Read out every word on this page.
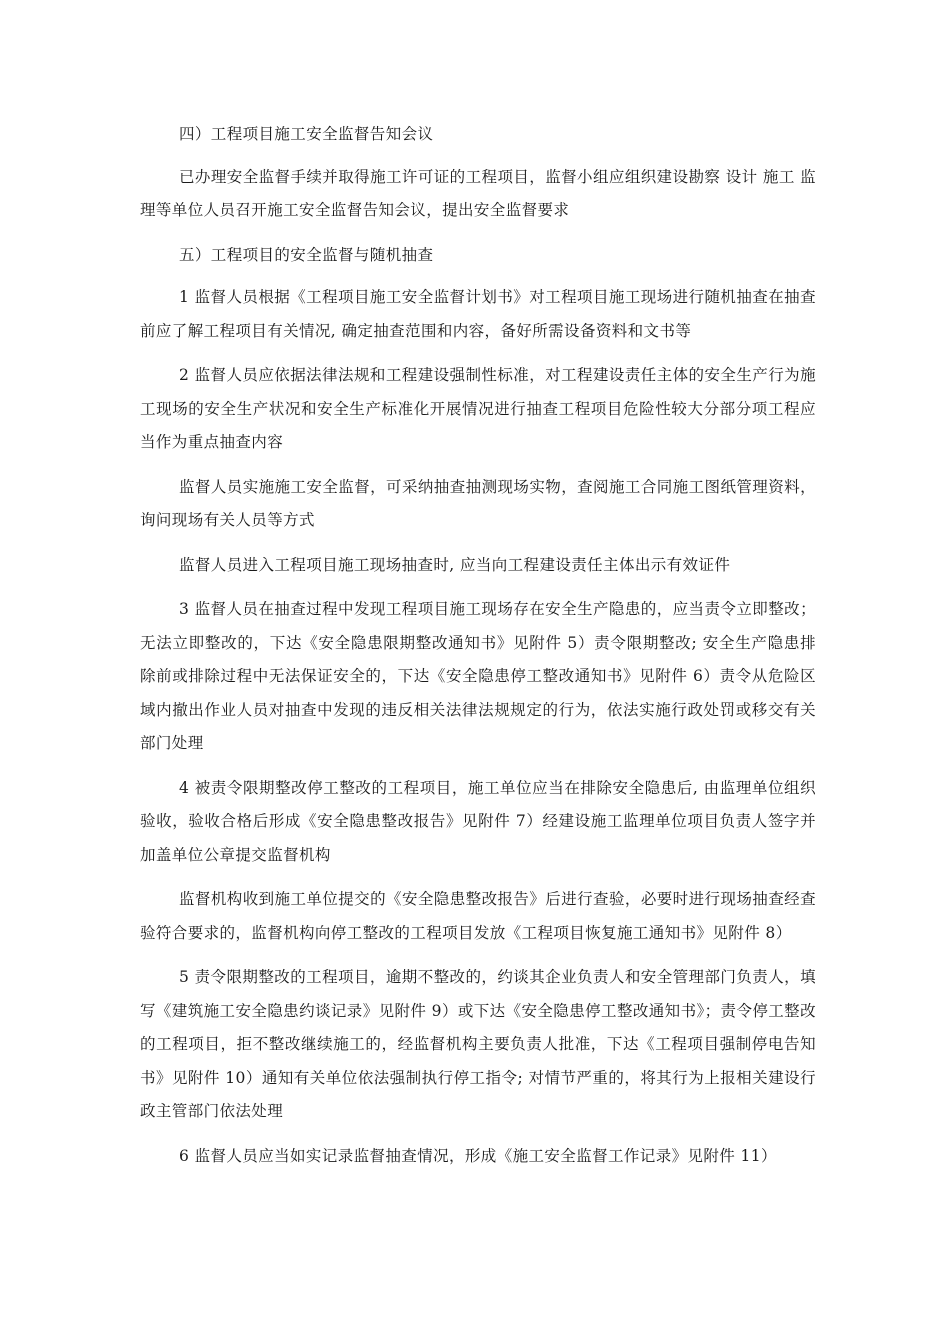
四）工程项目施工安全监督告知会议

已办理安全监督手续并取得施工许可证的工程项目，监督小组应组织建设勘察 设计 施工 监理等单位人员召开施工安全监督告知会议，提出安全监督要求

五）工程项目的安全监督与随机抽查

1 监督人员根据《工程项目施工安全监督计划书》对工程项目施工现场进行随机抽查在抽查前应了解工程项目有关情况, 确定抽查范围和内容，备好所需设备资料和文书等

2 监督人员应依据法律法规和工程建设强制性标准，对工程建设责任主体的安全生产行为施工现场的安全生产状况和安全生产标准化开展情况进行抽查工程项目危险性较大分部分项工程应当作为重点抽查内容

监督人员实施施工安全监督，可采纳抽查抽测现场实物，查阅施工合同施工图纸管理资料，询问现场有关人员等方式

监督人员进入工程项目施工现场抽查时, 应当向工程建设责任主体出示有效证件

3 监督人员在抽查过程中发现工程项目施工现场存在安全生产隐患的，应当责令立即整改；无法立即整改的，下达《安全隐患限期整改通知书》见附件 5）责令限期整改; 安全生产隐患排除前或排除过程中无法保证安全的，下达《安全隐患停工整改通知书》见附件 6）责令从危险区域内撤出作业人员对抽查中发现的违反相关法律法规规定的行为，依法实施行政处罚或移交有关部门处理

4 被责令限期整改停工整改的工程项目，施工单位应当在排除安全隐患后, 由监理单位组织验收，验收合格后形成《安全隐患整改报告》见附件 7）经建设施工监理单位项目负责人签字并加盖单位公章提交监督机构

监督机构收到施工单位提交的《安全隐患整改报告》后进行查验，必要时进行现场抽查经查验符合要求的，监督机构向停工整改的工程项目发放《工程项目恢复施工通知书》见附件 8）

5 责令限期整改的工程项目，逾期不整改的，约谈其企业负责人和安全管理部门负责人，填写《建筑施工安全隐患约谈记录》见附件 9）或下达《安全隐患停工整改通知书》；责令停工整改的工程项目，拒不整改继续施工的，经监督机构主要负责人批准，下达《工程项目强制停电告知书》见附件 10）通知有关单位依法强制执行停工指令; 对情节严重的，将其行为上报相关建设行政主管部门依法处理

6 监督人员应当如实记录监督抽查情况，形成《施工安全监督工作记录》见附件 11）
